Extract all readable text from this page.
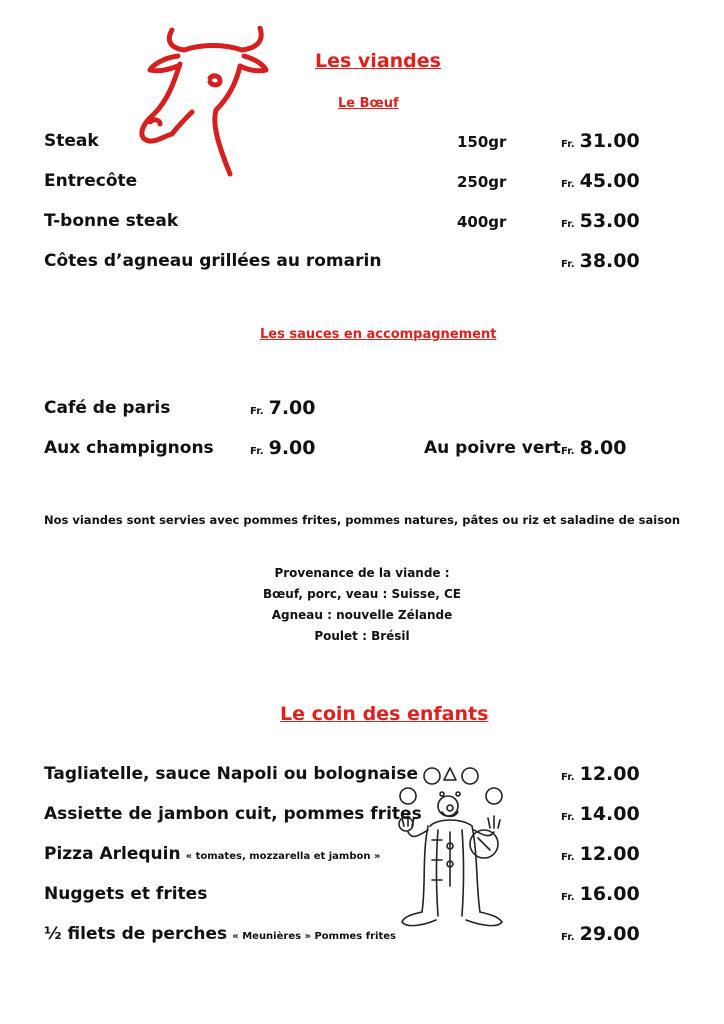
Les viandes
Le Bœuf
Steak	150gr	Fr. 31.00
Entrecôte	250gr	Fr. 45.00
T-bonne steak	400gr	Fr. 53.00
Côtes d’agneau grillées au romarin	Fr. 38.00
Les sauces en accompagnement
Café de paris	Fr. 7.00
Aux champignons	Fr. 9.00	Au poivre vert Fr. 8.00
Nos viandes sont servies avec pommes frites, pommes natures, pâtes ou riz et saladine de saison
Provenance de la viande :
Bœuf, porc, veau : Suisse, CE
Agneau : nouvelle Zélande
Poulet : Brésil
Le coin des enfants
Tagliatelle, sauce Napoli ou bolognaise	Fr. 12.00
Assiette de jambon cuit, pommes frites	Fr. 14.00
Pizza Arlequin « tomates, mozzarella et jambon »	Fr. 12.00
Nuggets et frites	Fr. 16.00
½ filets de perches « Meunières » Pommes frites	Fr. 29.00
